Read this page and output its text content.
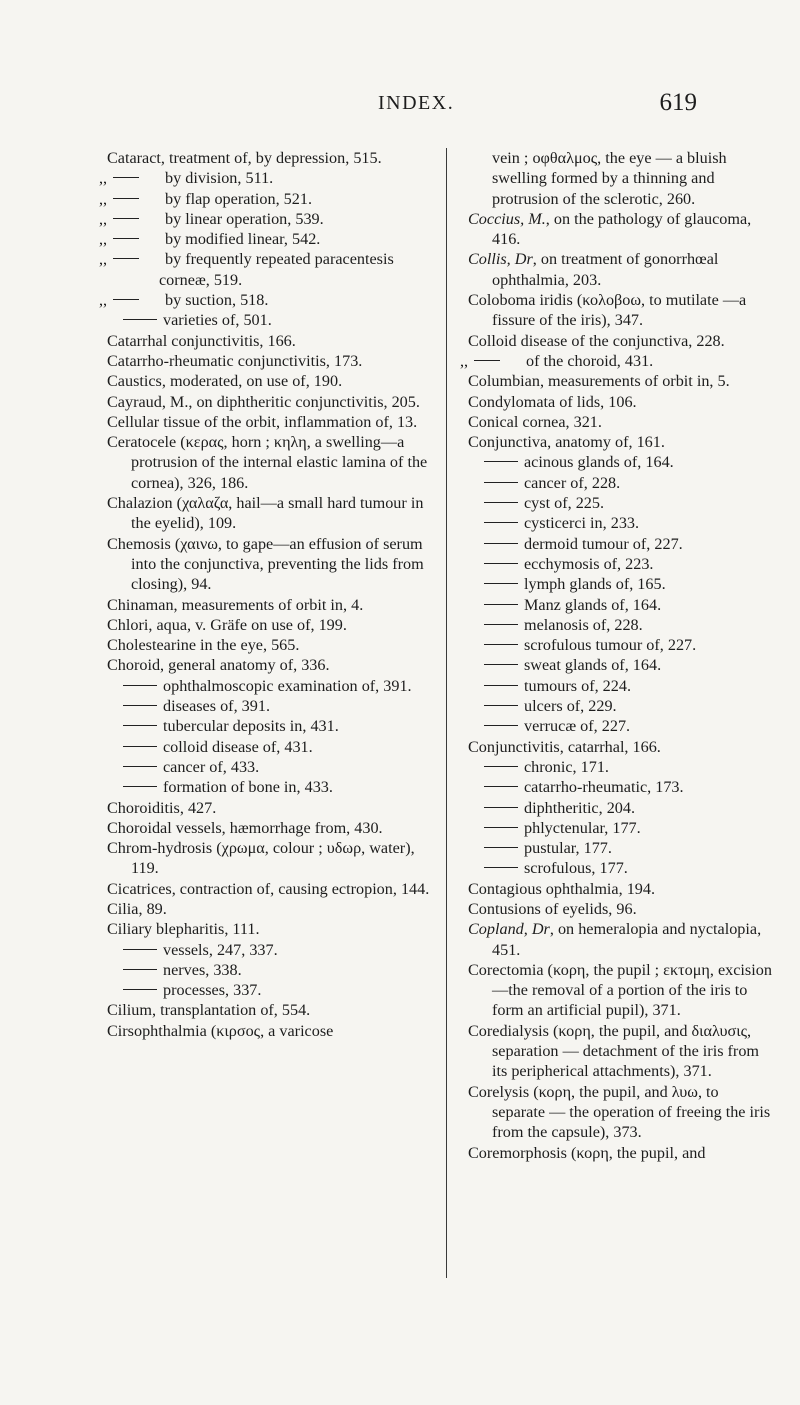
INDEX.	619
Cataract, treatment of, by depression, 515.
,,	by division, 511.
,,	by flap operation, 521.
,,	by linear operation, 539.
,,	by modified linear, 542.
,,	by frequently repeated paracentesis corneæ, 519.
,,	by suction, 518.
varieties of, 501.
Catarrhal conjunctivitis, 166.
Catarrho-rheumatic conjunctivitis, 173.
Caustics, moderated, on use of, 190.
Cayraud, M., on diphtheritic conjunctivitis, 205.
Cellular tissue of the orbit, inflammation of, 13.
Ceratocele (κερας, horn ; κηλη, a swelling—a protrusion of the internal elastic lamina of the cornea), 326, 186.
Chalazion (χαλαζα, hail—a small hard tumour in the eyelid), 109.
Chemosis (χαινω, to gape—an effusion of serum into the conjunctiva, preventing the lids from closing), 94.
Chinaman, measurements of orbit in, 4.
Chlori, aqua, v. Gräfe on use of, 199.
Cholestearine in the eye, 565.
Choroid, general anatomy of, 336.
ophthalmoscopic examination of, 391.
diseases of, 391.
tubercular deposits in, 431.
colloid disease of, 431.
cancer of, 433.
formation of bone in, 433.
Choroiditis, 427.
Choroidal vessels, hæmorrhage from, 430.
Chrom-hydrosis (χρωμα, colour ; υδωρ, water), 119.
Cicatrices, contraction of, causing ectropion, 144.
Cilia, 89.
Ciliary blepharitis, 111.
vessels, 247, 337.
nerves, 338.
processes, 337.
Cilium, transplantation of, 554.
Cirsophthalmia (κιρσος, a varicose
vein ; οφθαλμος, the eye — a bluish swelling formed by a thinning and protrusion of the sclerotic, 260.
Coccius, M., on the pathology of glaucoma, 416.
Collis, Dr, on treatment of gonorrhœal ophthalmia, 203.
Coloboma iridis (κολοβοω, to mutilate —a fissure of the iris), 347.
Colloid disease of the conjunctiva, 228.
,,	of the choroid, 431.
Columbian, measurements of orbit in, 5.
Condylomata of lids, 106.
Conical cornea, 321.
Conjunctiva, anatomy of, 161.
acinous glands of, 164.
cancer of, 228.
cyst of, 225.
cysticerci in, 233.
dermoid tumour of, 227.
ecchymosis of, 223.
lymph glands of, 165.
Manz glands of, 164.
melanosis of, 228.
scrofulous tumour of, 227.
sweat glands of, 164.
tumours of, 224.
ulcers of, 229.
verrucæ of, 227.
Conjunctivitis, catarrhal, 166.
chronic, 171.
catarrho-rheumatic, 173.
diphtheritic, 204.
phlyctenular, 177.
pustular, 177.
scrofulous, 177.
Contagious ophthalmia, 194.
Contusions of eyelids, 96.
Copland, Dr, on hemeralopia and nyctalopia, 451.
Corectomia (κορη, the pupil ; εκτομη, excision—the removal of a portion of the iris to form an artificial pupil), 371.
Coredialysis (κορη, the pupil, and διαλυσις, separation — detachment of the iris from its peripherical attachments), 371.
Corelysis (κορη, the pupil, and λυω, to separate — the operation of freeing the iris from the capsule), 373.
Coremorphosis (κορη, the pupil, and
